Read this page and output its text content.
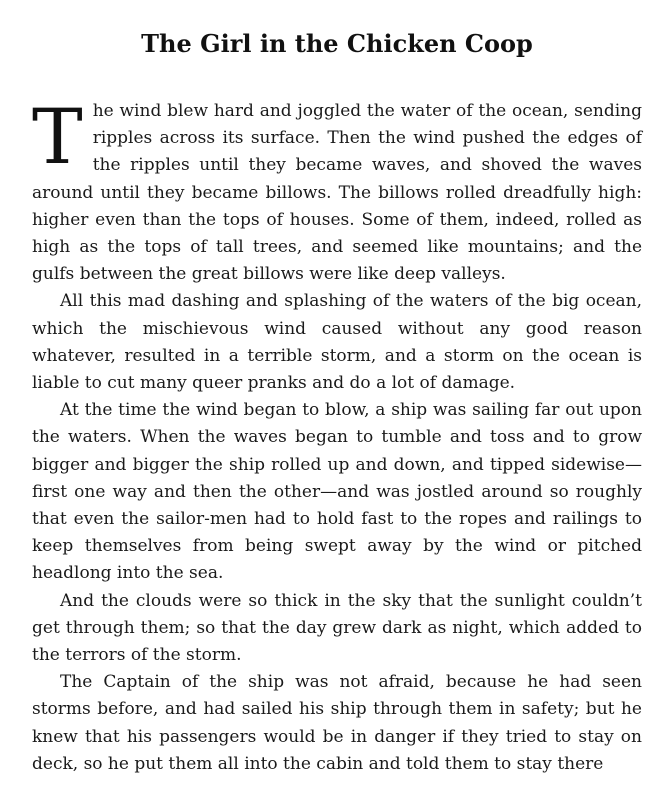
The Girl in the Chicken Coop

The wind blew hard and joggled the water of the ocean, sending ripples across its surface. Then the wind pushed the edges of the ripples until they became waves, and shoved the waves around until they became billows. The billows rolled dreadfully high: higher even than the tops of houses. Some of them, indeed, rolled as high as the tops of tall trees, and seemed like mountains; and the gulfs between the great billows were like deep valleys.

All this mad dashing and splashing of the waters of the big ocean, which the mischievous wind caused without any good reason whatever, resulted in a terrible storm, and a storm on the ocean is liable to cut many queer pranks and do a lot of damage.

At the time the wind began to blow, a ship was sailing far out upon the waters. When the waves began to tumble and toss and to grow bigger and bigger the ship rolled up and down, and tipped sidewise—first one way and then the other—and was jostled around so roughly that even the sailor-men had to hold fast to the ropes and railings to keep themselves from being swept away by the wind or pitched headlong into the sea.

And the clouds were so thick in the sky that the sunlight couldn’t get through them; so that the day grew dark as night, which added to the terrors of the storm.

The Captain of the ship was not afraid, because he had seen storms before, and had sailed his ship through them in safety; but he knew that his passengers would be in danger if they tried to stay on deck, so he put them all into the cabin and told them to stay there
